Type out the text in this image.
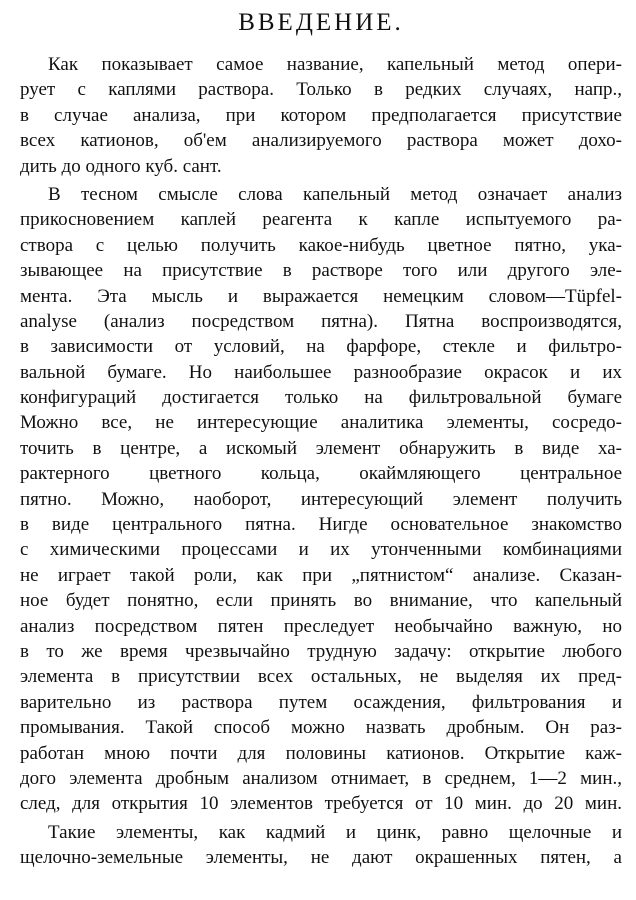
ВВЕДЕНИЕ.
Как показывает самое название, капельный метод опери-
рует с каплями раствора. Только в редких случаях, напр.,
в случае анализа, при котором предполагается присутствие
всех катионов, об'ем анализируемого раствора может дохо-
дить до одного куб. сант.
В тесном смысле слова капельный метод означает анализ
прикосновением каплей реагента к капле испытуемого ра-
створа с целью получить какое-нибудь цветное пятно, ука-
зывающее на присутствие в растворе того или другого эле-
мента. Эта мысль и выражается немецким словом—Tüpfel-
analyse (анализ посредством пятна). Пятна воспроизводятся,
в зависимости от условий, на фарфоре, стекле и фильтро-
вальной бумаге. Но наибольшее разнообразие окрасок и их
конфигураций достигается только на фильтровальной бумаге
Можно все, не интересующие аналитика элементы, сосредо-
точить в центре, а искомый элемент обнаружить в виде ха-
рактерного цветного кольца, окаймляющего центральное
пятно. Можно, наоборот, интересующий элемент получить
в виде центрального пятна. Нигде основательное знакомство
с химическими процессами и их утонченными комбинациями
не играет такой роли, как при „пятнистом“ анализе. Сказан-
ное будет понятно, если принять во внимание, что капельный
анализ посредством пятен преследует необычайно важную, но
в то же время чрезвычайно трудную задачу: открытие любого
элемента в присутствии всех остальных, не выделяя их пред-
варительно из раствора путем осаждения, фильтрования и
промывания. Такой способ можно назвать дробным. Он раз-
работан мною почти для половины катионов. Открытие каж-
дого элемента дробным анализом отнимает, в среднем, 1—2 мин.,
след, для открытия 10 элементов требуется от 10 мин. до 20 мин.
Такие элементы, как кадмий и цинк, равно щелочные и
щелочно-земельные элементы, не дают окрашенных пятен, а
